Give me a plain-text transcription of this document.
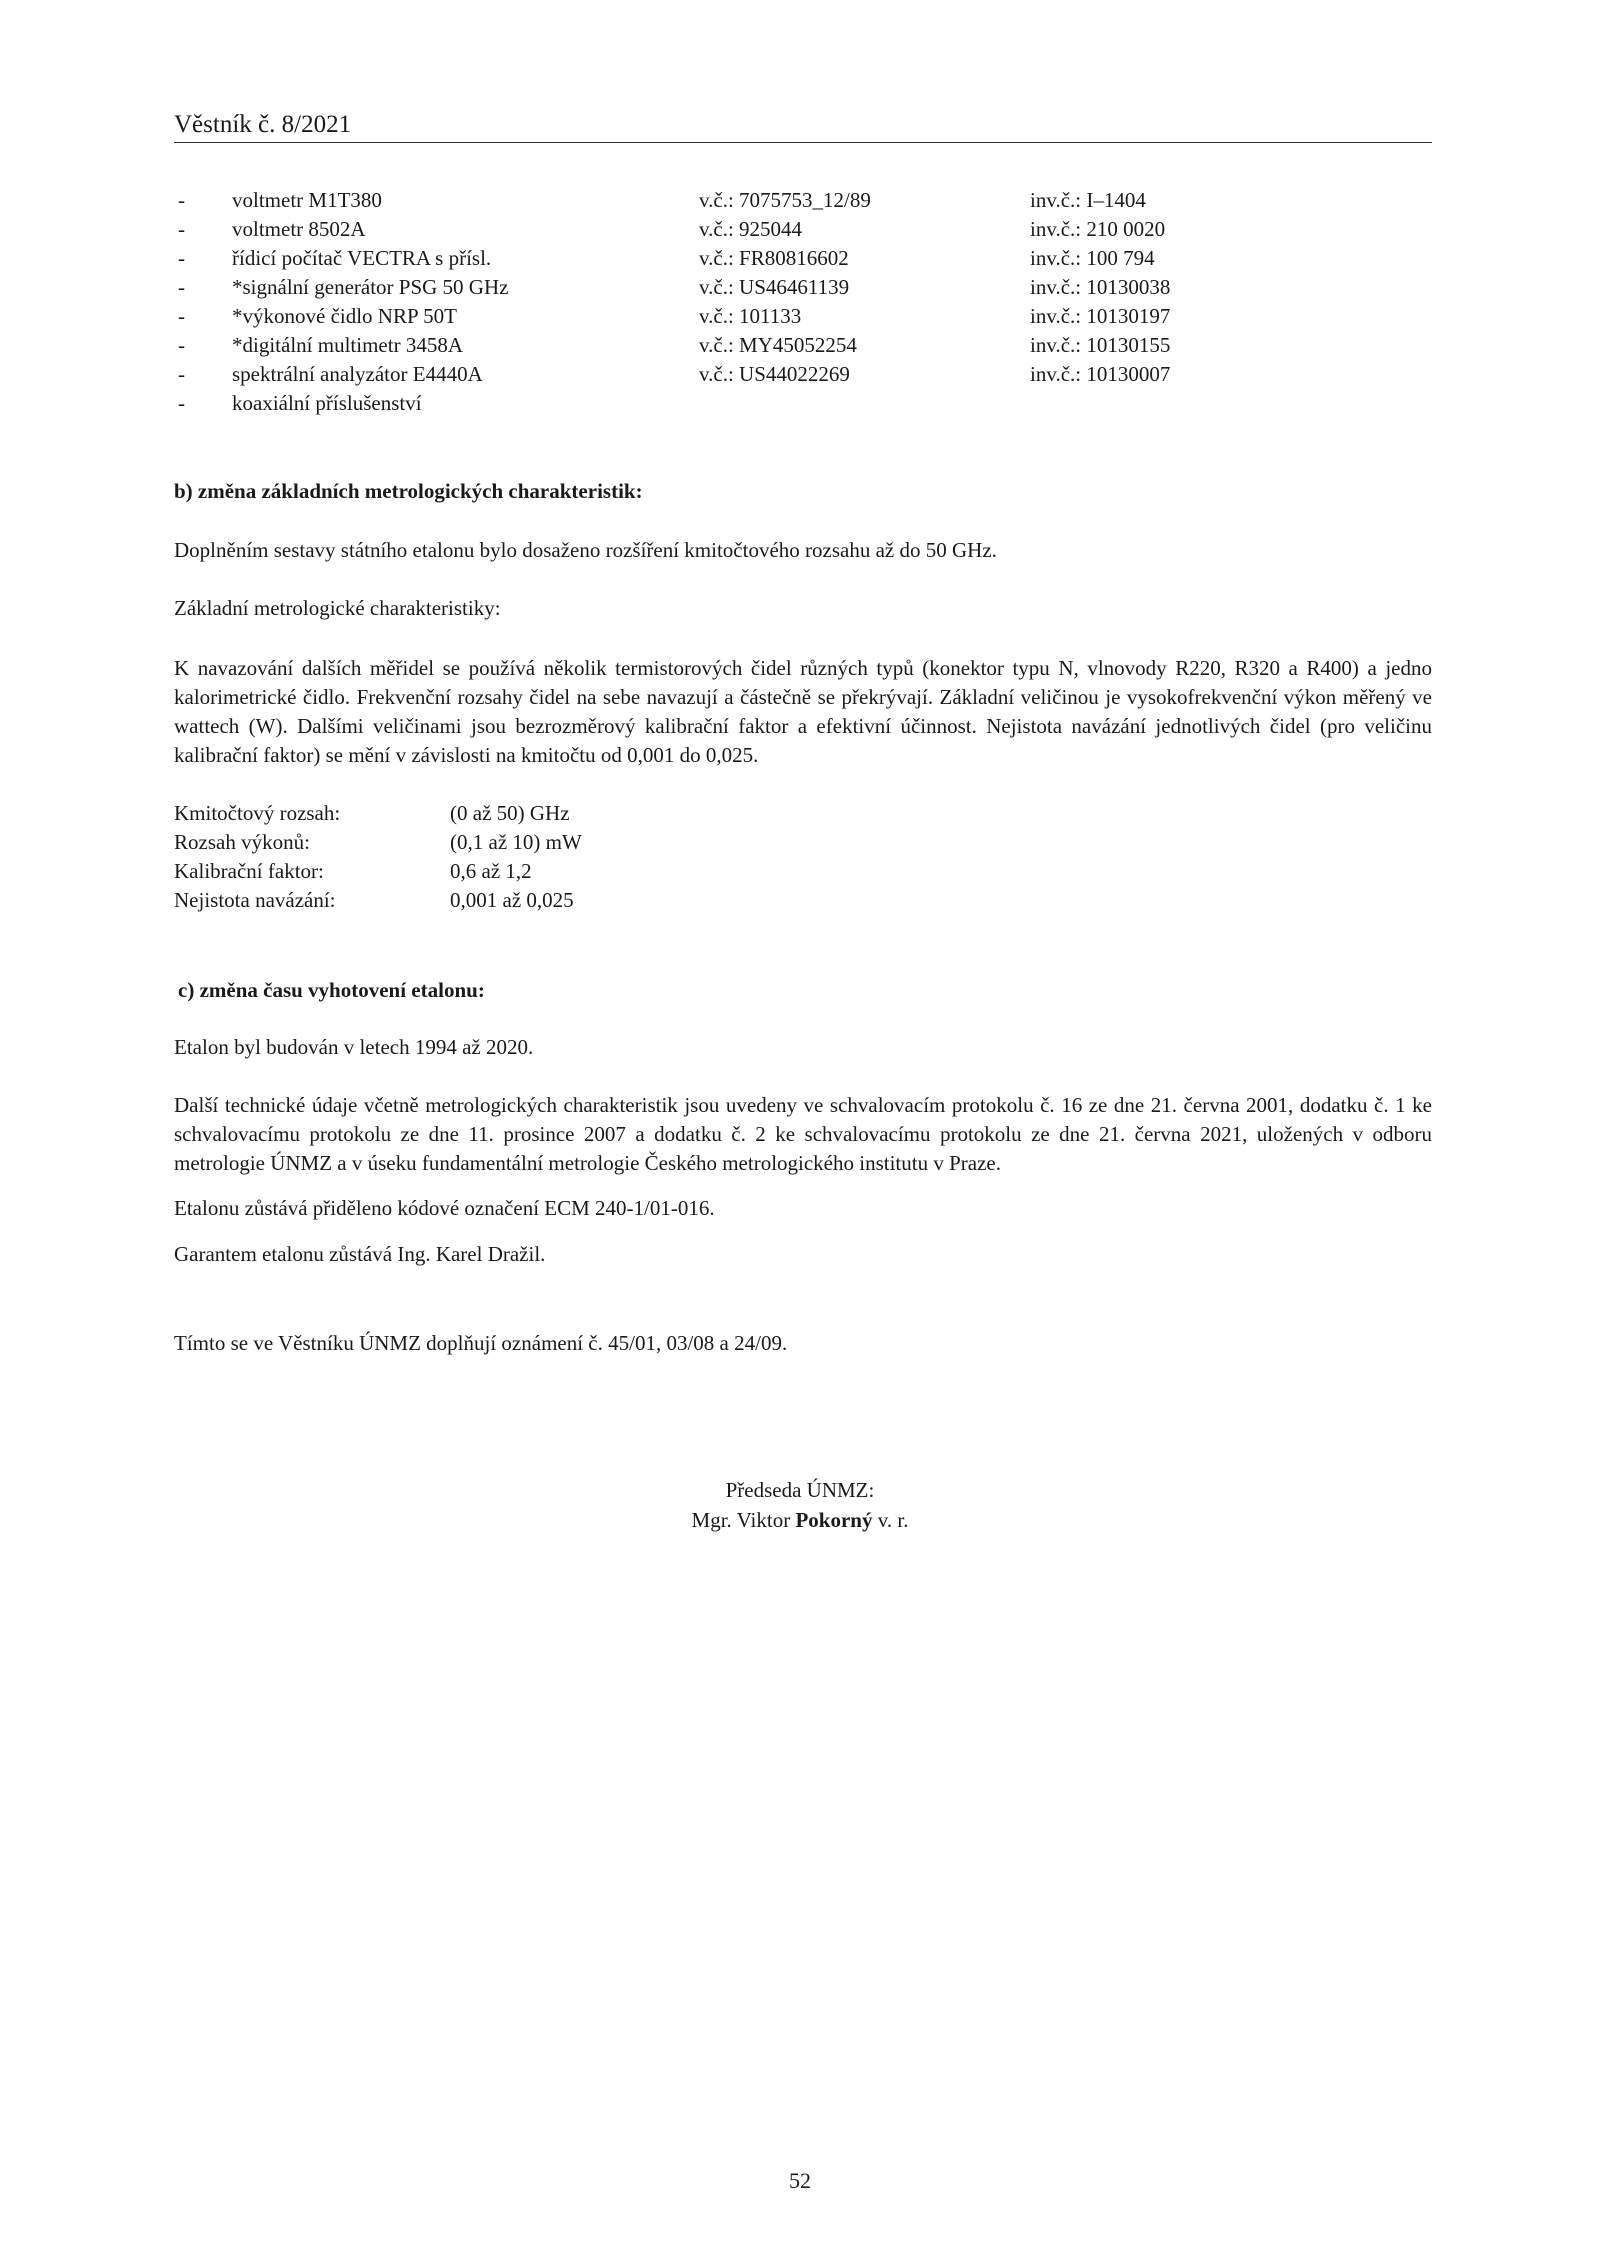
Věstník č. 8/2021
- voltmetr M1T380	v.č.: 7075753_12/89	inv.č.: I–1404
- voltmetr 8502A	v.č.: 925044	inv.č.: 210 0020
- řídicí počítač VECTRA s přísl.	v.č.: FR80816602	inv.č.: 100 794
- *signální generátor PSG 50 GHz	v.č.: US46461139	inv.č.: 10130038
- *výkonové čidlo NRP 50T	v.č.: 101133	inv.č.: 10130197
- *digitální multimetr 3458A	v.č.: MY45052254	inv.č.: 10130155
- spektrální analyzátor E4440A	v.č.: US44022269	inv.č.: 10130007
- koaxiální příslušenství
b) změna základních metrologických charakteristik:
Doplněním sestavy státního etalonu bylo dosaženo rozšíření kmitočtového rozsahu až do 50 GHz.
Základní metrologické charakteristiky:
K navazování dalších měřidel se používá několik termistorových čidel různých typů (konektor typu N, vlnovody R220, R320 a R400) a jedno kalorimetrické čidlo. Frekvenční rozsahy čidel na sebe navazují a částečně se překrývají. Základní veličinou je vysokofrekvenční výkon měřený ve wattech (W). Dalšími veličinami jsou bezrozměrový kalibrační faktor a efektivní účinnost. Nejistota navázání jednotlivých čidel (pro veličinu kalibrační faktor) se mění v závislosti na kmitočtu od 0,001 do 0,025.
Kmitočtový rozsah:	(0 až 50) GHz
Rozsah výkonů:	(0,1 až 10) mW
Kalibrační faktor:	0,6 až 1,2
Nejistota navázání:	0,001 až 0,025
c) změna času vyhotovení etalonu:
Etalon byl budován v letech 1994 až 2020.
Další technické údaje včetně metrologických charakteristik jsou uvedeny ve schvalovacím protokolu č. 16 ze dne 21. června 2001, dodatku č. 1 ke schvalovacímu protokolu ze dne 11. prosince 2007 a dodatku č. 2 ke schvalovacímu protokolu ze dne 21. června 2021, uložených v odboru metrologie ÚNMZ a v úseku fundamentální metrologie Českého metrologického institutu v Praze.
Etalonu zůstává přiděleno kódové označení ECM 240-1/01-016.
Garantem etalonu zůstává Ing. Karel Dražil.
Tímto se ve Věstníku ÚNMZ doplňují oznámení č. 45/01, 03/08 a 24/09.
Předseda ÚNMZ:
Mgr. Viktor Pokorný v. r.
52
